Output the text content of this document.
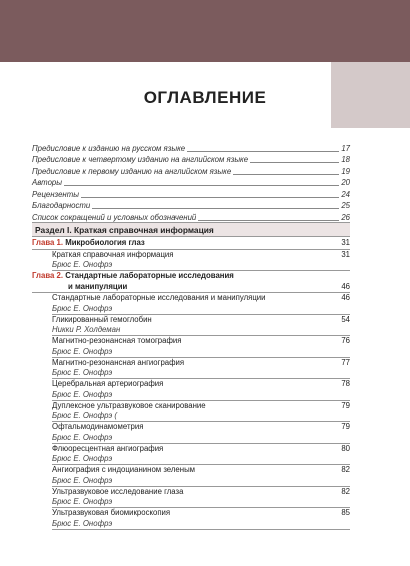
ОГЛАВЛЕНИЕ
Предисловие к изданию на русском языке	17
Предисловие к четвертому изданию на английском языке	18
Предисловие к первому изданию на английском языке	19
Авторы	20
Рецензенты	24
Благодарности	25
Список сокращений и условных обозначений	26
Раздел I. Краткая справочная информация
Глава 1. Микробиология глаз	31
Краткая справочная информация	31
Брюс Е. Онофрэ
Глава 2. Стандартные лабораторные исследования
и манипуляции	46
Стандартные лабораторные исследования и манипуляции	46
Брюс Е. Онофрэ
Гликированный гемоглобин	54
Никки Р. Холдеман
Магнитно-резонансная томография	76
Брюс Е. Онофрэ
Магнитно-резонансная ангиография	77
Брюс Е. Онофрэ
Церебральная артериография	78
Брюс Е. Онофрэ
Дуплексное ультразвуковое сканирование	79
Брюс Е. Онофрэ (
Офтальмодинамометрия	79
Брюс Е. Онофрэ
Флюоресцентная ангиография	80
Брюс Е. Онофрэ
Ангиография с индоцианином зеленым	82
Брюс Е. Онофрэ
Ультразвуковое исследование глаза	82
Брюс Е. Онофрэ
Ультразвуковая биомикроскопия	85
Брюс Е. Онофрэ
